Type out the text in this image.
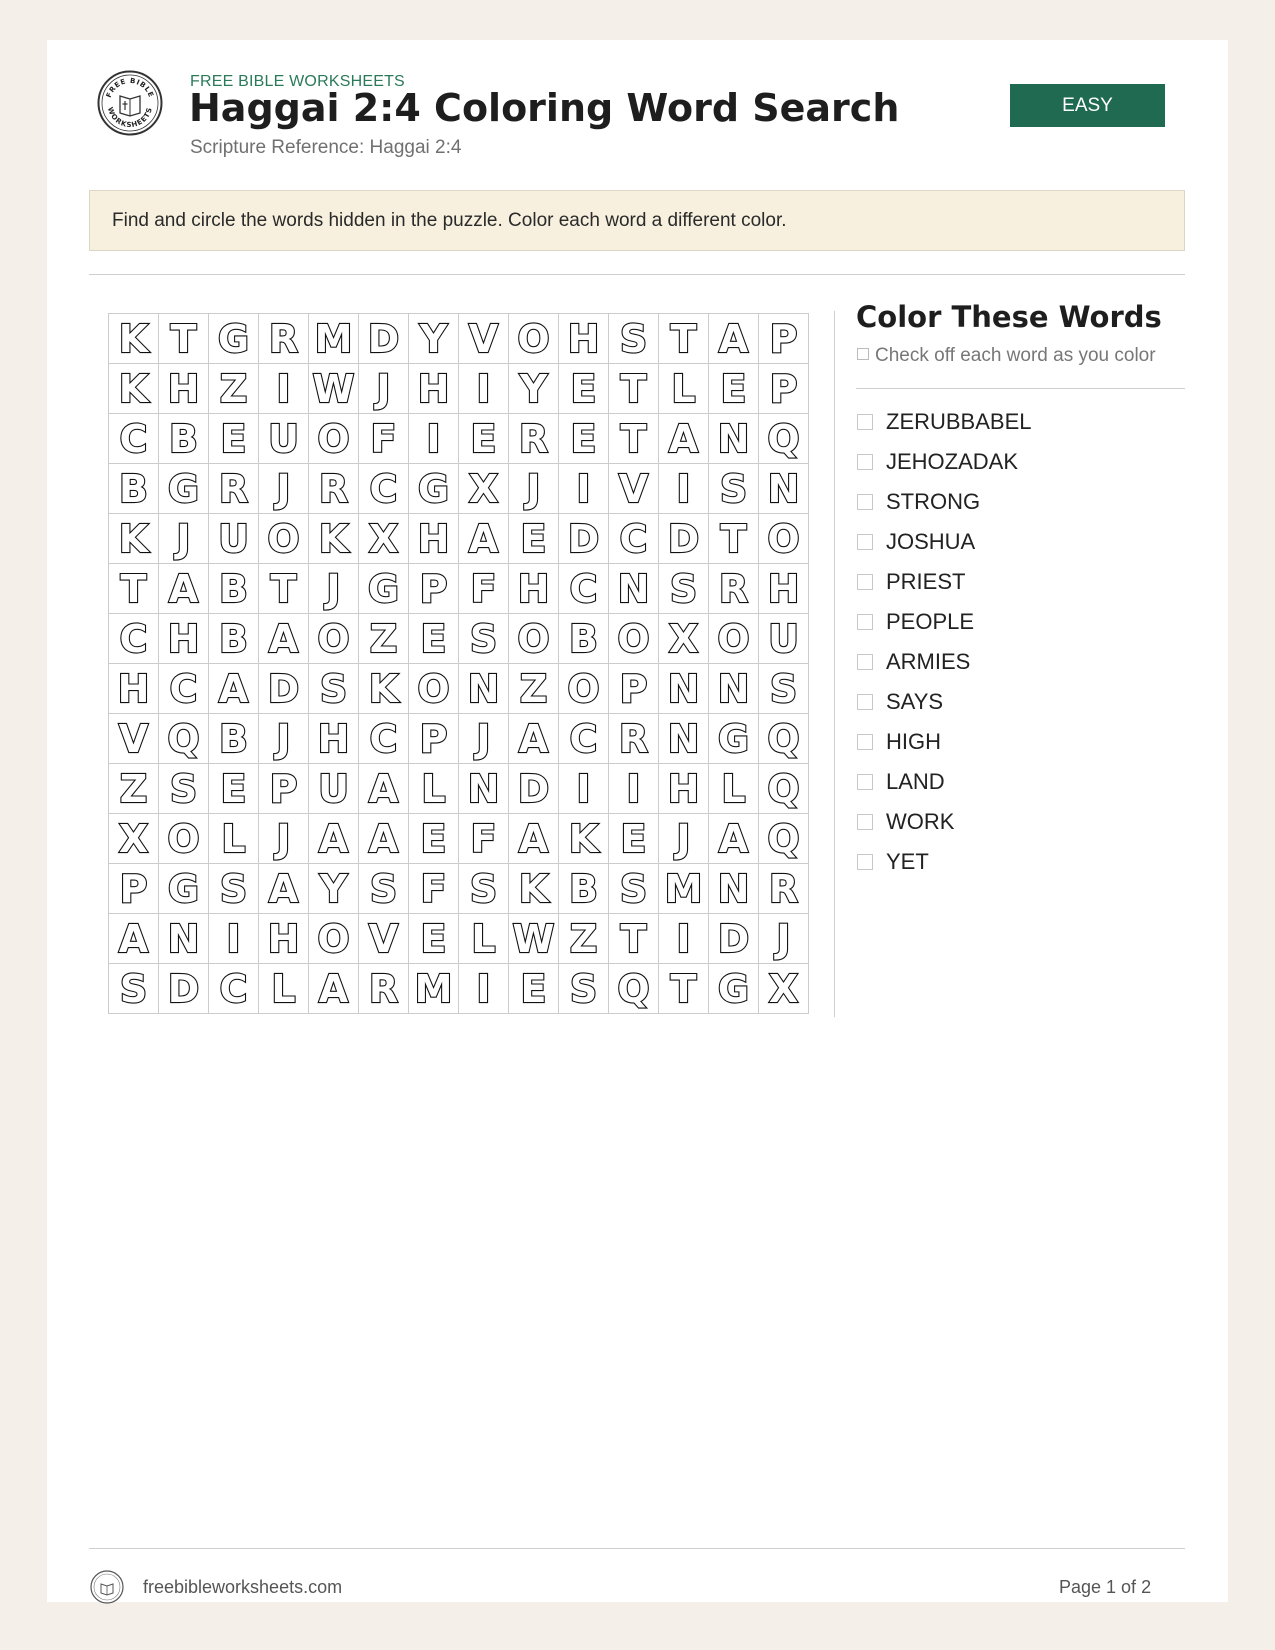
FREE BIBLE
WORKSHEETS
FREE BIBLE WORKSHEETS
Haggai 2:4 Coloring Word Search
Scripture Reference: Haggai 2:4
EASY
Find and circle the words hidden in the puzzle. Color each word a different color.
K T G R M D Y V O H S T A P
K H Z I W J H I Y E T L E P
C B E U O F I E R E T A N Q
B G R J R C G X J I V I S N
K J U O K X H A E D C D T O
T A B T J G P F H C N S R H
C H B A O Z E S O B O X O U
H C A D S K O N Z O P N N S
V Q B J H C P J A C R N G Q
Z S E P U A L N D I I H L Q
X O L J A A E F A K E J A Q
P G S A Y S F S K B S M N R
A N I H O V E L W Z T I D J
S D C L A R M I E S Q T G X
Color These Words
Check off each word as you color
ZERUBBABEL
JEHOZADAK
STRONG
JOSHUA
PRIEST
PEOPLE
ARMIES
SAYS
HIGH
LAND
WORK
YET
freebibleworksheets.com	Page 1 of 2
